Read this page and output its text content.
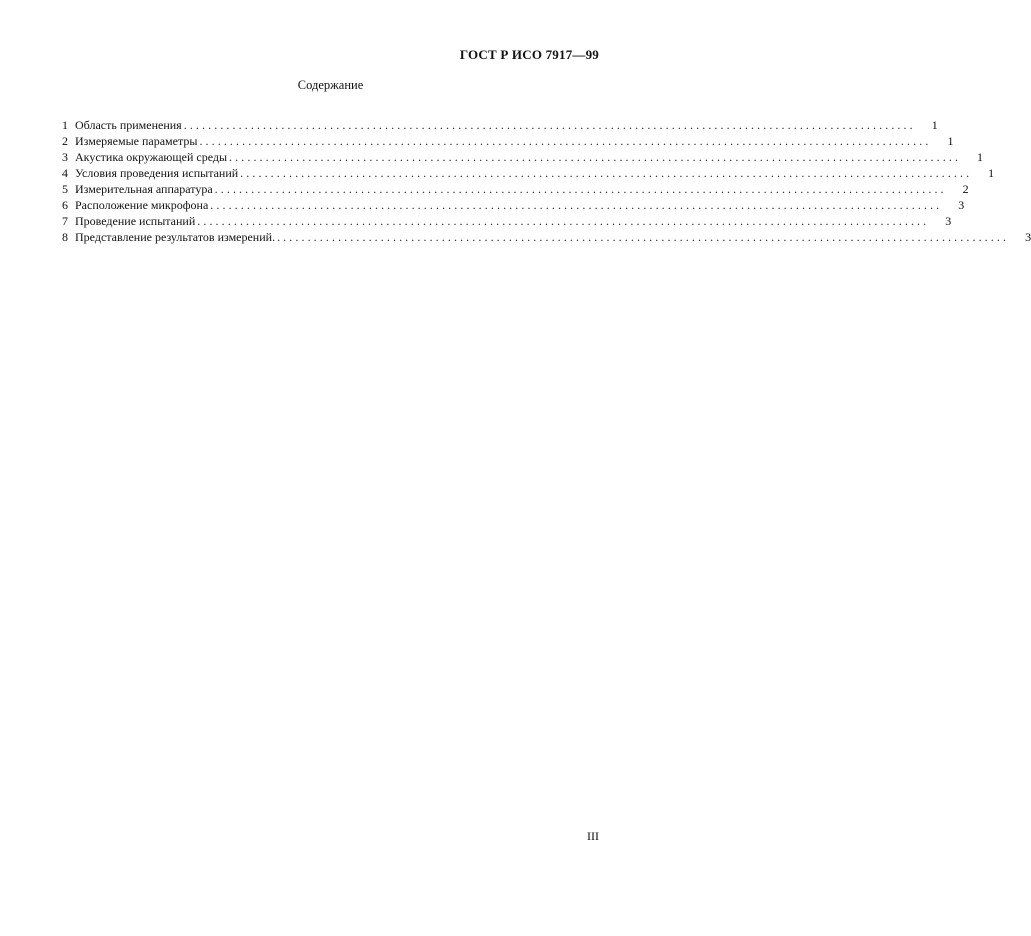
ГОСТ Р ИСО 7917—99
Содержание
1 Область применения ........................................................................................................................	1
2 Измеряемые параметры ........................................................................................................................	1
3 Акустика окружающей среды ........................................................................................................................	1
4 Условия проведения испытаний ........................................................................................................................	1
5 Измерительная аппаратура ........................................................................................................................	2
6 Расположение микрофона ........................................................................................................................	3
7 Проведение испытаний ........................................................................................................................	3
8 Представление результатов измерений. ........................................................................................................................	3
III
